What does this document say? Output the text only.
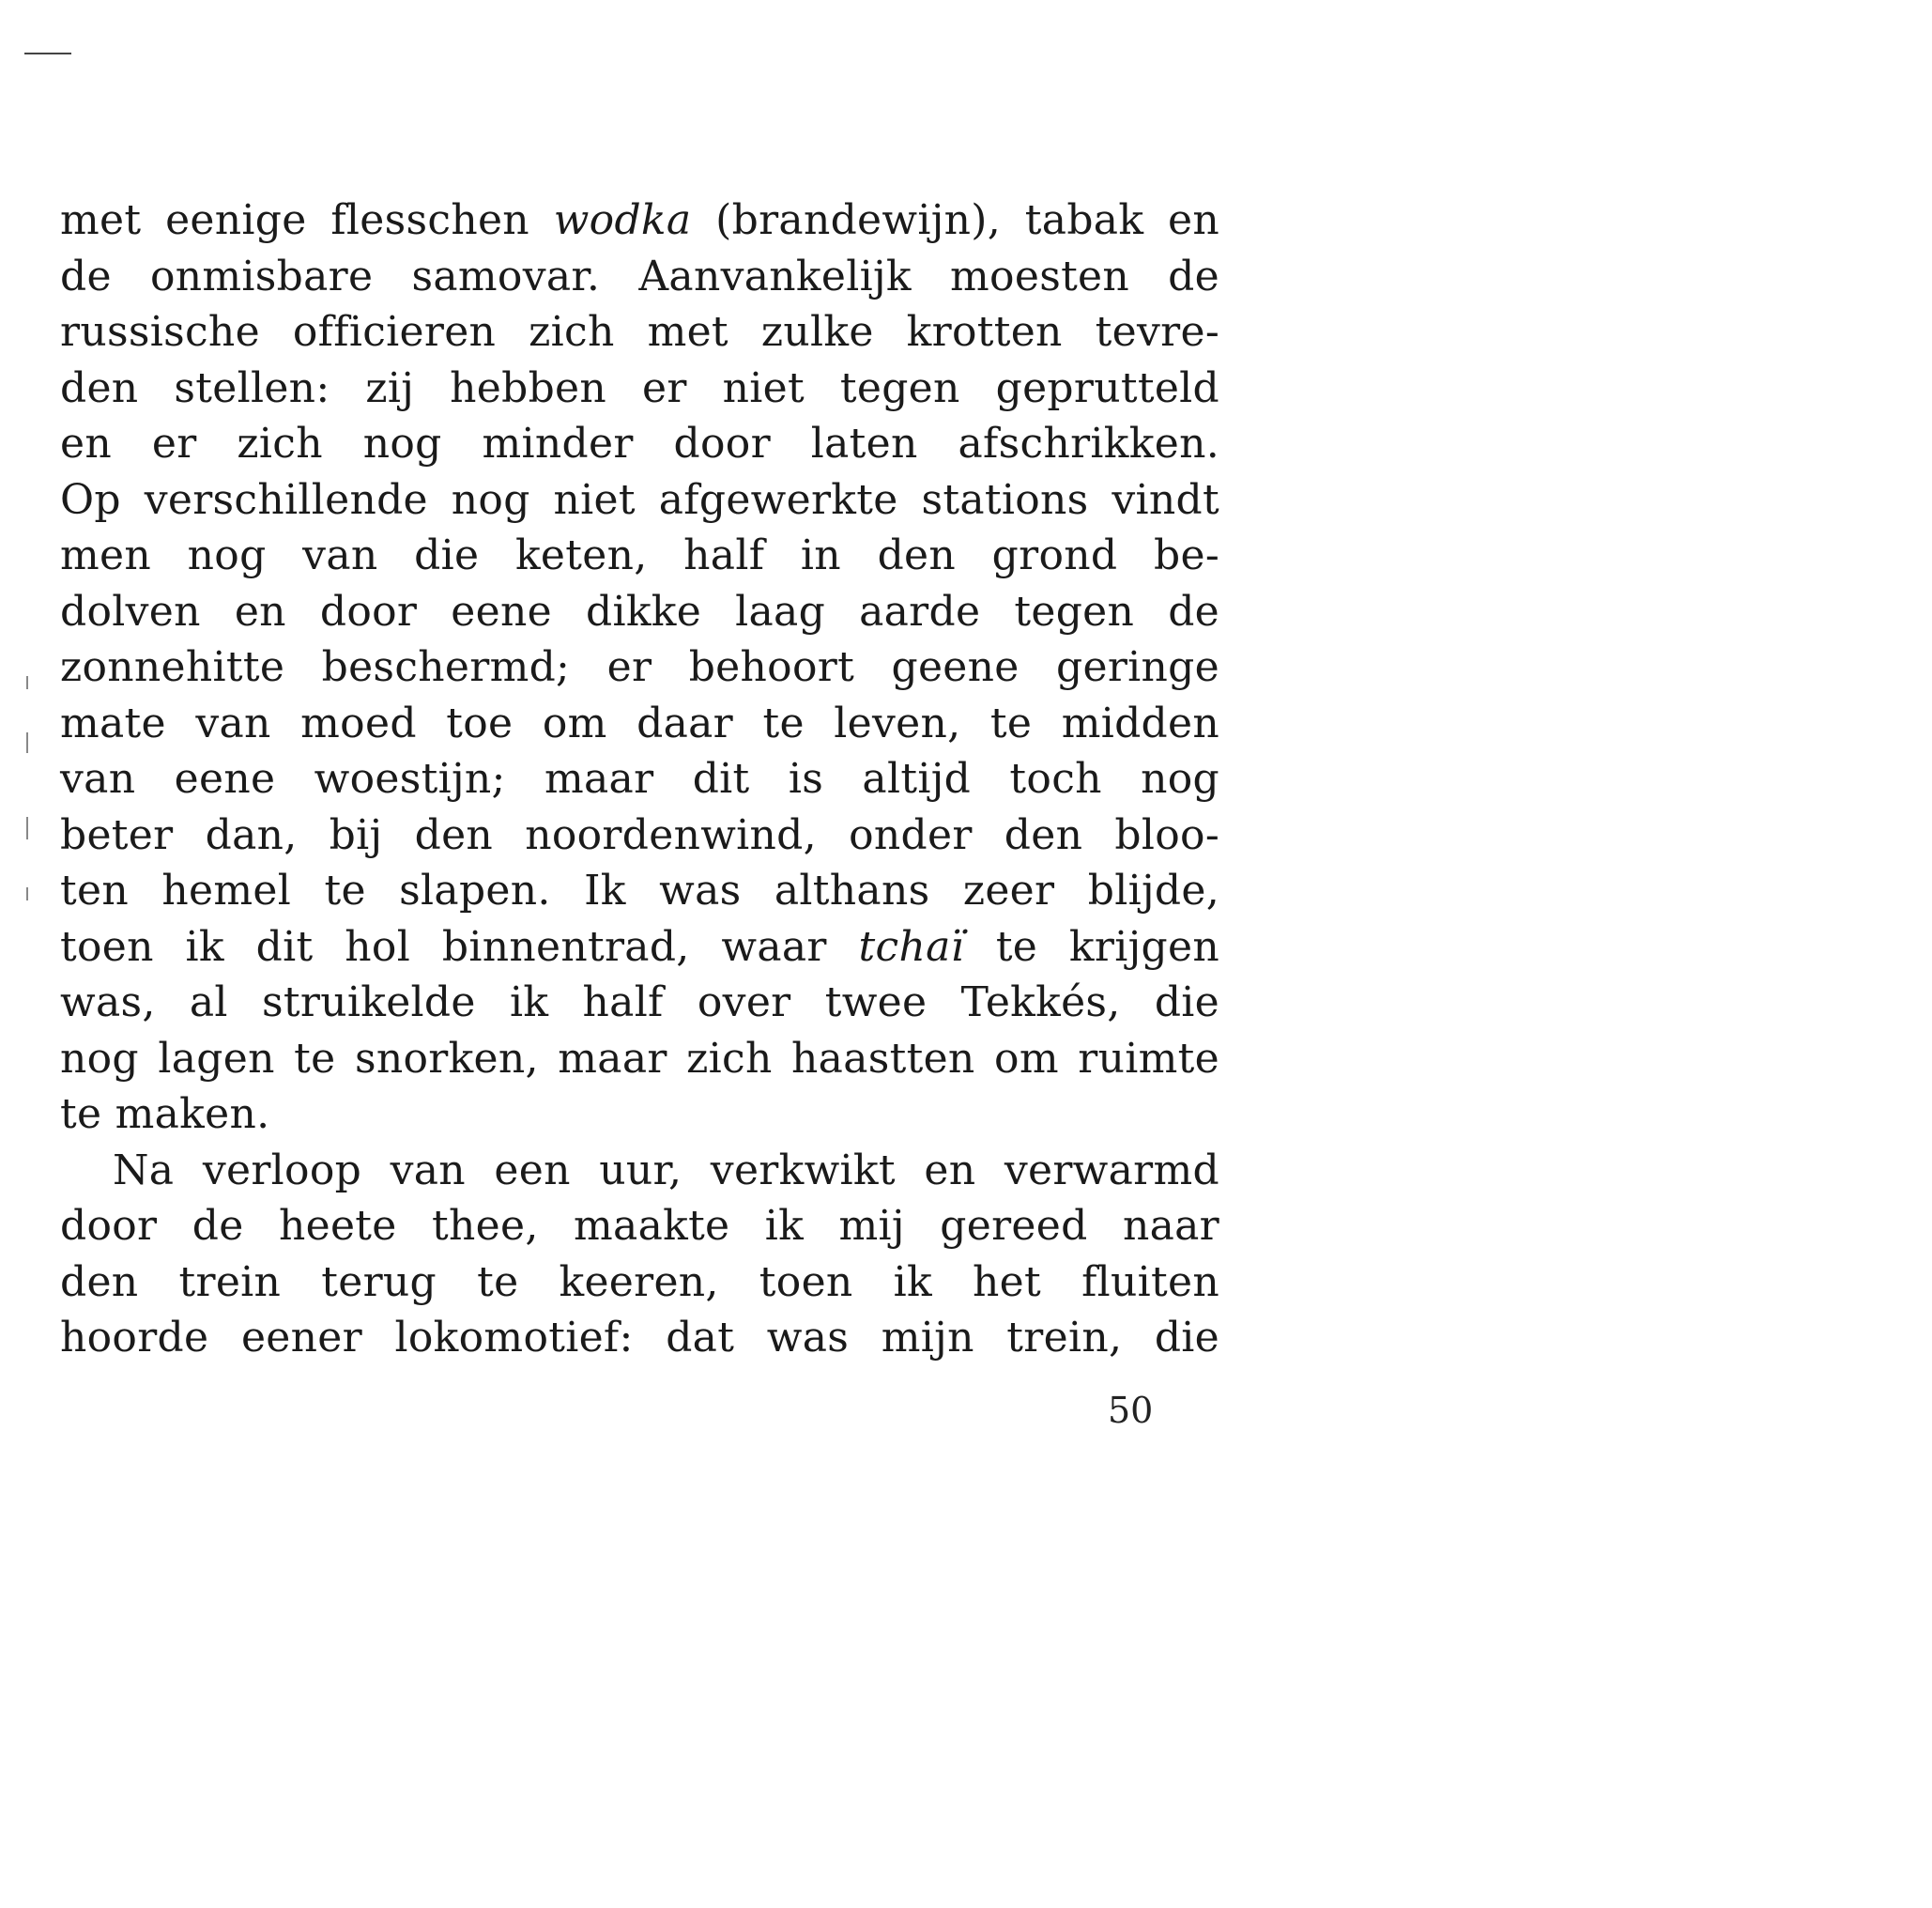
met eenige flesschen wodka (brandewijn), tabak en
de onmisbare samovar. Aanvankelijk moesten de
russische officieren zich met zulke krotten tevre-
den stellen: zij hebben er niet tegen geprutteld
en er zich nog minder door laten afschrikken.
Op verschillende nog niet afgewerkte stations vindt
men nog van die keten, half in den grond be-
dolven en door eene dikke laag aarde tegen de
zonnehitte beschermd; er behoort geene geringe
mate van moed toe om daar te leven, te midden
van eene woestijn; maar dit is altijd toch nog
beter dan, bij den noordenwind, onder den bloo-
ten hemel te slapen. Ik was althans zeer blijde,
toen ik dit hol binnentrad, waar tchaï te krijgen
was, al struikelde ik half over twee Tekkés, die
nog lagen te snorken, maar zich haastten om ruimte
te maken.
Na verloop van een uur, verkwikt en verwarmd
door de heete thee, maakte ik mij gereed naar
den trein terug te keeren, toen ik het fluiten
hoorde eener lokomotief: dat was mijn trein, die
50
